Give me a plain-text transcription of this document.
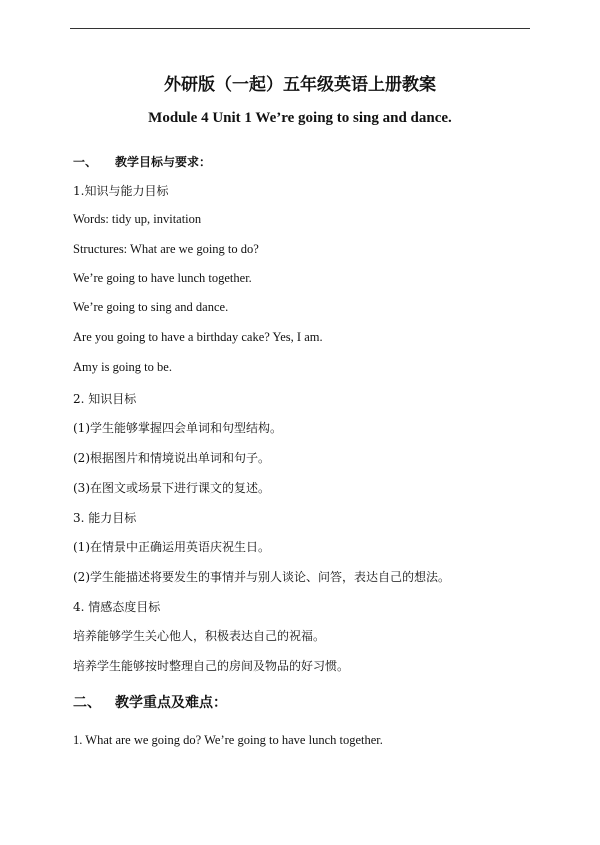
外研版（一起）五年级英语上册教案
Module 4 Unit 1 We’re going to sing and dance.
一、 教学目标与要求：
1.知识与能力目标
Words: tidy up, invitation
Structures: What are we going to do?
We’re going to have lunch together.
We’re going to sing and dance.
Are you going to have a birthday cake? Yes, I am.
Amy is going to be.
2. 知识目标
(1)学生能够掌握四会单词和句型结构。
(2)根据图片和情境说出单词和句子。
(3)在图文或场景下进行课文的复述。
3. 能力目标
(1)在情景中正确运用英语庆祝生日。
(2)学生能描述将要发生的事情并与别人谈论、问答，表达自己的想法。
4. 情感态度目标
培养能够学生关心他人，积极表达自己的祝福。
培养学生能够按时整理自己的房间及物品的好习惯。
二、 教学重点及难点：
1. What are we going do? We’re going to have lunch together.
